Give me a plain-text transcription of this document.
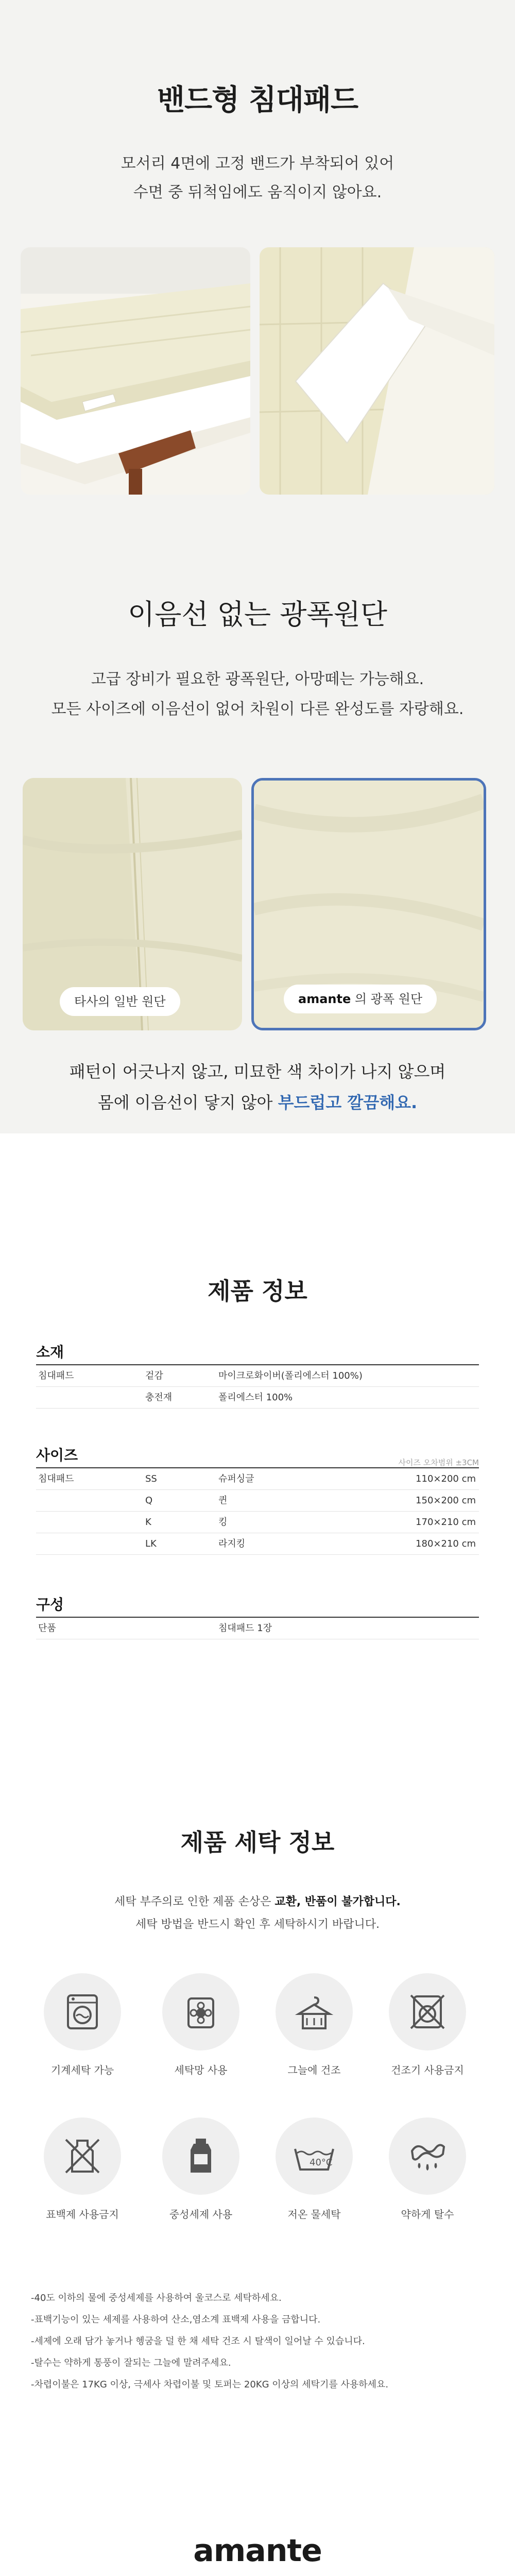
밴드형 침대패드
모서리 4면에 고정 밴드가 부착되어 있어
수면 중 뒤척임에도 움직이지 않아요.
이음선 없는 광폭원단
고급 장비가 필요한 광폭원단, 아망떼는 가능해요.
모든 사이즈에 이음선이 없어 차원이 다른 완성도를 자랑해요.
타사의 일반 원단	amante 의 광폭 원단
패턴이 어긋나지 않고, 미묘한 색 차이가 나지 않으며
몸에 이음선이 닿지 않아 부드럽고 깔끔해요.
제품 정보
소재
침대패드	겉감	마이크로화이버(폴리에스터 100%)
충전재	폴리에스터 100%
사이즈	사이즈 오차범위 ±3CM
침대패드	SS	슈퍼싱글	110×200 cm
Q	퀸	150×200 cm
K	킹	170×210 cm
LK	라지킹	180×210 cm
구성
단품	침대패드 1장
제품 세탁 정보
세탁 부주의로 인한 제품 손상은 교환, 반품이 불가합니다.
세탁 방법을 반드시 확인 후 세탁하시기 바랍니다.
기계세탁 가능	세탁망 사용	그늘에 건조	건조기 사용금지
표백제 사용금지	중성세제 사용
40°C
저온 물세탁	약하게 탈수
-40도 이하의 물에 중성세제를 사용하여 울코스로 세탁하세요.
-표백기능이 있는 세제를 사용하여 산소,염소계 표백제 사용을 금합니다.
-세제에 오래 담가 놓거나 헹굼을 덜 한 채 세탁 건조 시 탈색이 일어날 수 있습니다.
-탈수는 약하게 통풍이 잘되는 그늘에 말려주세요.
-차렵이불은 17KG 이상, 극세사 차렵이불 및 토퍼는 20KG 이상의 세탁기를 사용하세요.
amante
